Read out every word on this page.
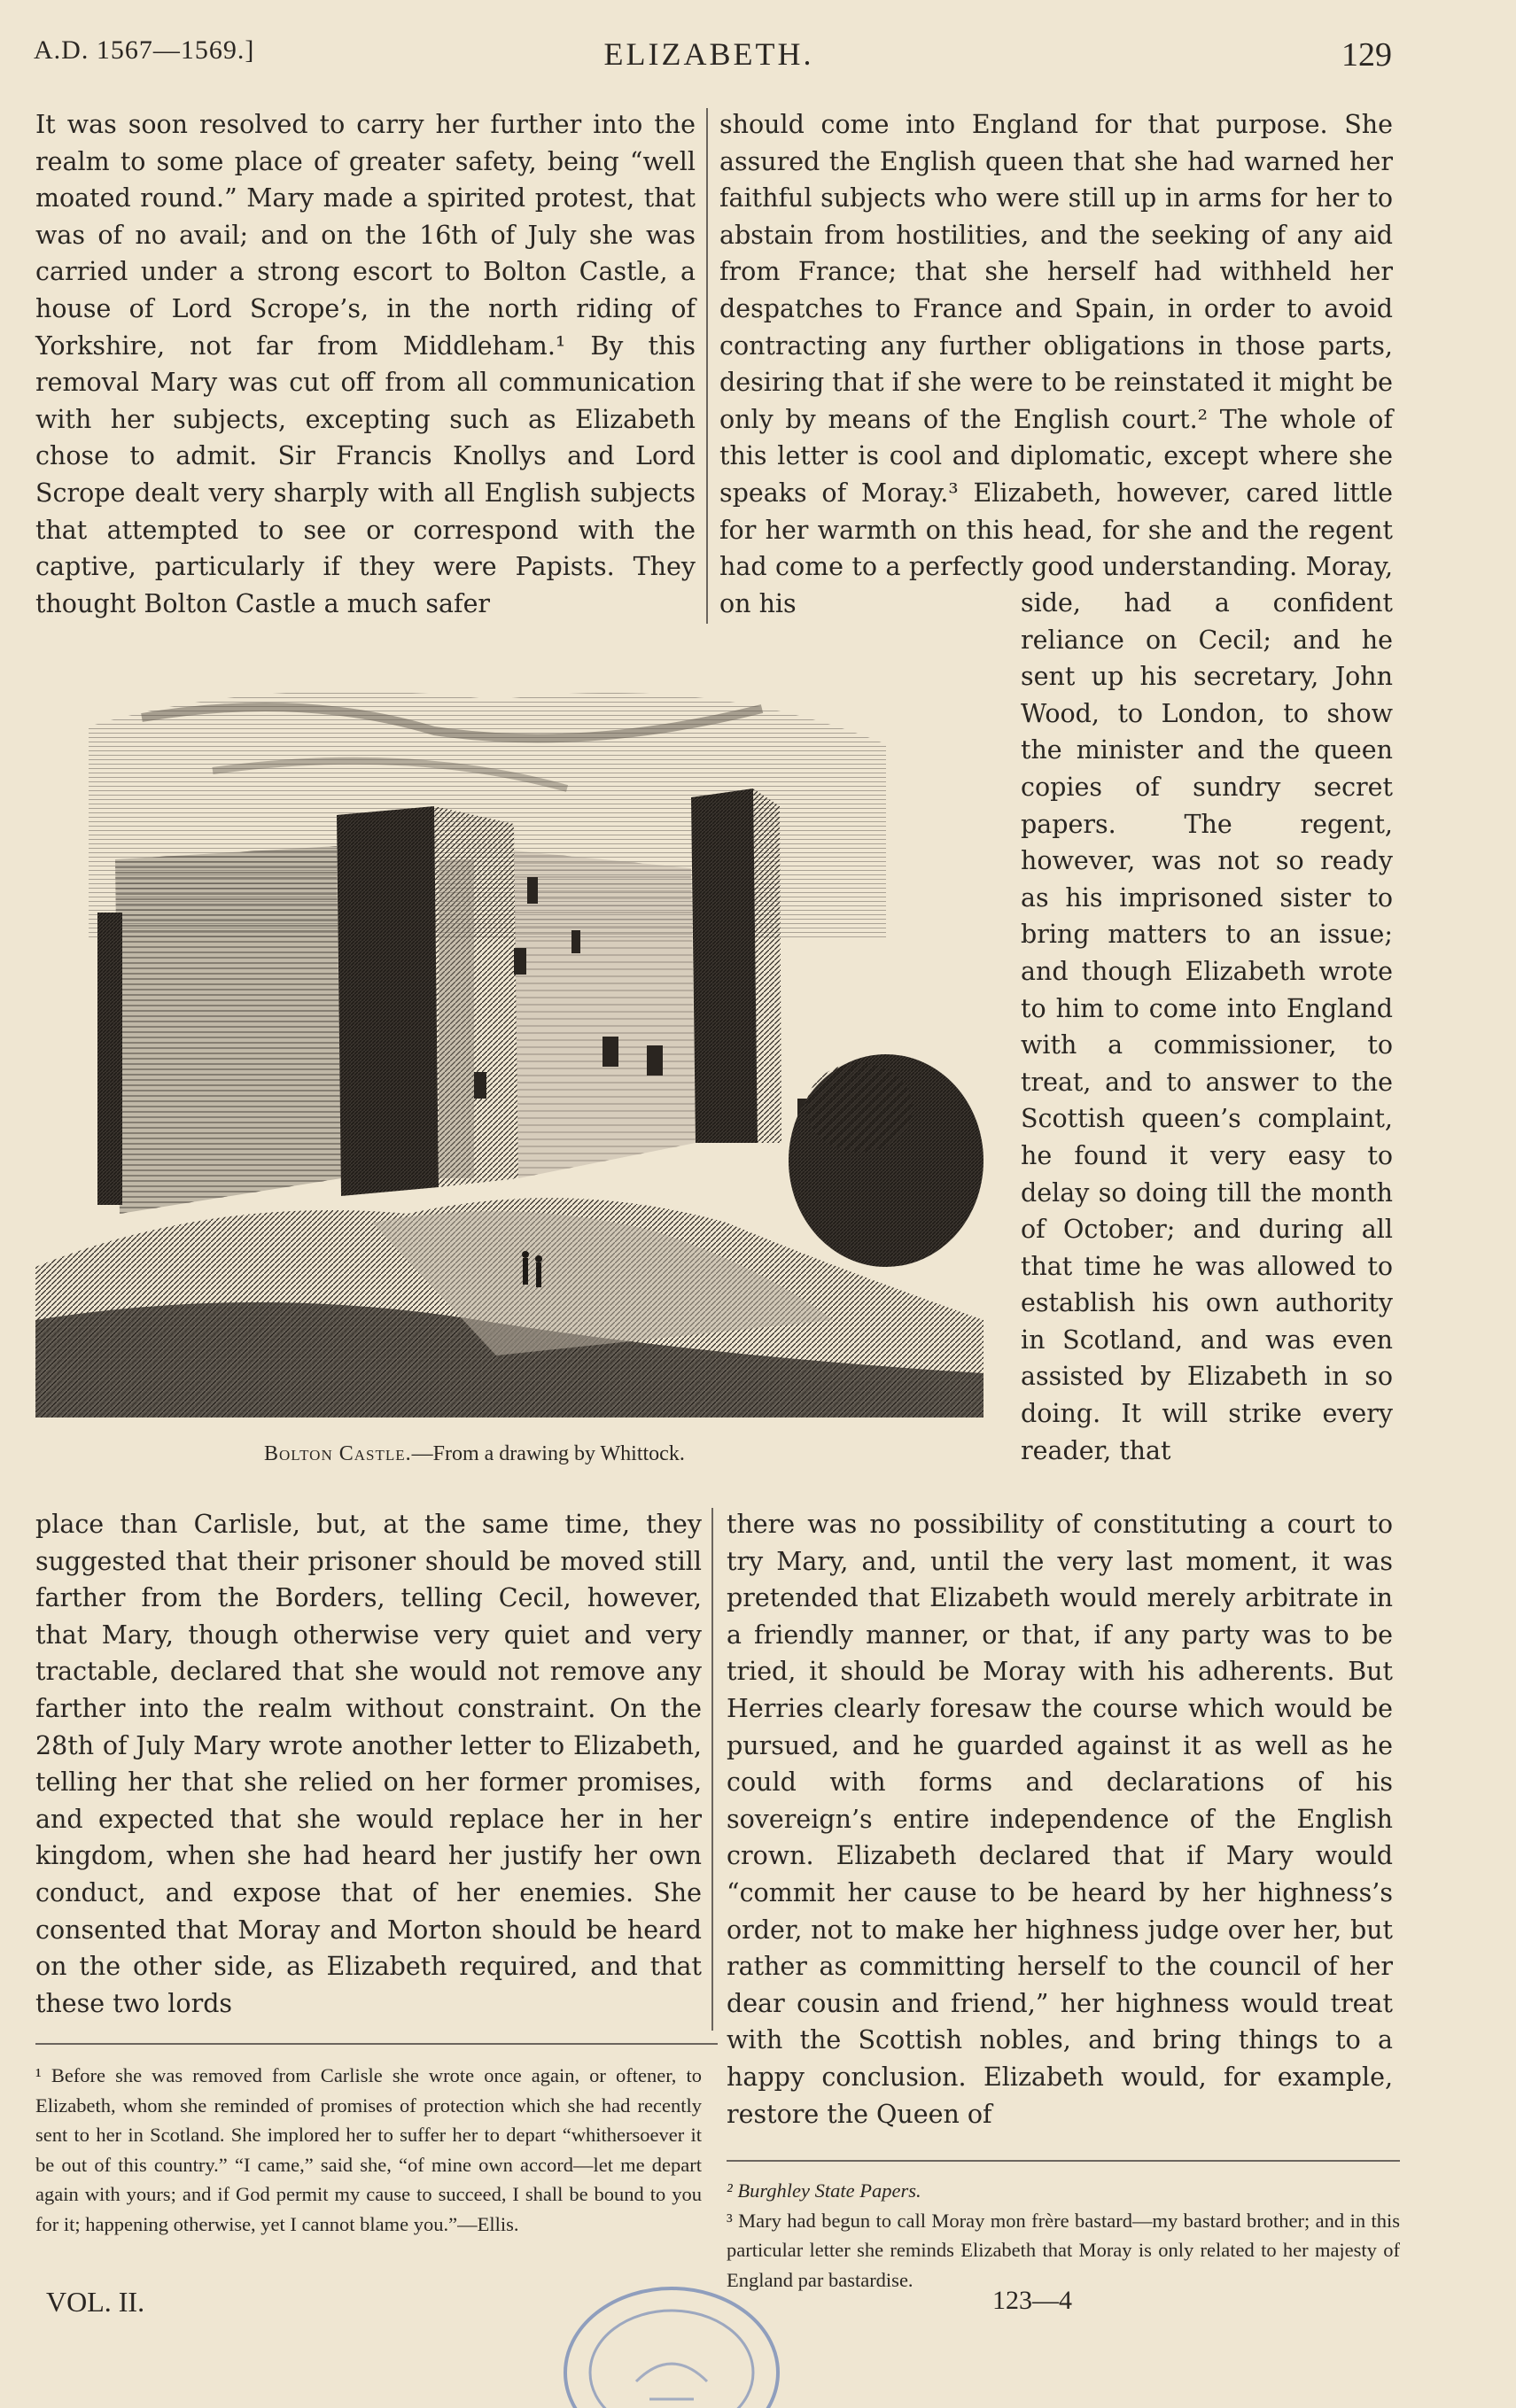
A.D. 1567—1569.]	ELIZABETH.	129

It was soon resolved to carry her further into the realm to some place of greater safety, being “well moated round.” Mary made a spirited protest, that was of no avail; and on the 16th of July she was carried under a strong escort to Bolton Castle, a house of Lord Scrope’s, in the north riding of Yorkshire, not far from Middleham.¹ By this removal Mary was cut off from all communication with her subjects, excepting such as Elizabeth chose to admit. Sir Francis Knollys and Lord Scrope dealt very sharply with all English subjects that attempted to see or correspond with the captive, particularly if they were Papists. They thought Bolton Castle a much safer

should come into England for that purpose. She assured the English queen that she had warned her faithful subjects who were still up in arms for her to abstain from hostilities, and the seeking of any aid from France; that she herself had withheld her despatches to France and Spain, in order to avoid contracting any further obligations in those parts, desiring that if she were to be reinstated it might be only by means of the English court.² The whole of this letter is cool and diplomatic, except where she speaks of Moray.³ Elizabeth, however, cared little for her warmth on this head, for she and the regent had come to a perfectly good understanding. Moray, on his	side, had a confident reliance on Cecil; and he sent up his secretary, John Wood, to London, to show the minister and the queen copies of sundry secret papers. The regent, however, was not so ready as his imprisoned sister to bring matters to an issue; and though Elizabeth wrote to him to come into England with a commissioner, to treat, and to answer to the Scottish queen’s complaint, he found it very easy to delay so doing till the month of October; and during all that time he was allowed to establish his own authority in Scotland, and was even assisted by Elizabeth in so doing. It will strike every reader, that

Bolton Castle.—From a drawing by Whittock.

place than Carlisle, but, at the same time, they suggested that their prisoner should be moved still farther from the Borders, telling Cecil, however, that Mary, though otherwise very quiet and very tractable, declared that she would not remove any farther into the realm without constraint. On the 28th of July Mary wrote another letter to Elizabeth, telling her that she relied on her former promises, and expected that she would replace her in her kingdom, when she had heard her justify her own conduct, and expose that of her enemies. She consented that Moray and Morton should be heard on the other side, as Elizabeth required, and that these two lords

there was no possibility of constituting a court to try Mary, and, until the very last moment, it was pretended that Elizabeth would merely arbitrate in a friendly manner, or that, if any party was to be tried, it should be Moray with his adherents. But Herries clearly foresaw the course which would be pursued, and he guarded against it as well as he could with forms and declarations of his sovereign’s entire independence of the English crown. Elizabeth declared that if Mary would “commit her cause to be heard by her highness’s order, not to make her highness judge over her, but rather as committing herself to the council of her dear cousin and friend,” her highness would treat with the Scottish nobles, and bring things to a happy conclusion. Elizabeth would, for example, restore the Queen of

¹ Before she was removed from Carlisle she wrote once again, or oftener, to Elizabeth, whom she reminded of promises of protection which she had recently sent to her in Scotland. She implored her to suffer her to depart “whithersoever it be out of this country.” “I came,” said she, “of mine own accord—let me depart again with yours; and if God permit my cause to succeed, I shall be bound to you for it; happening otherwise, yet I cannot blame you.”—Ellis.

² Burghley State Papers.

³ Mary had begun to call Moray mon frère bastard—my bastard brother; and in this particular letter she reminds Elizabeth that Moray is only related to her majesty of England par bastardise.

VOL. II.	123—4
